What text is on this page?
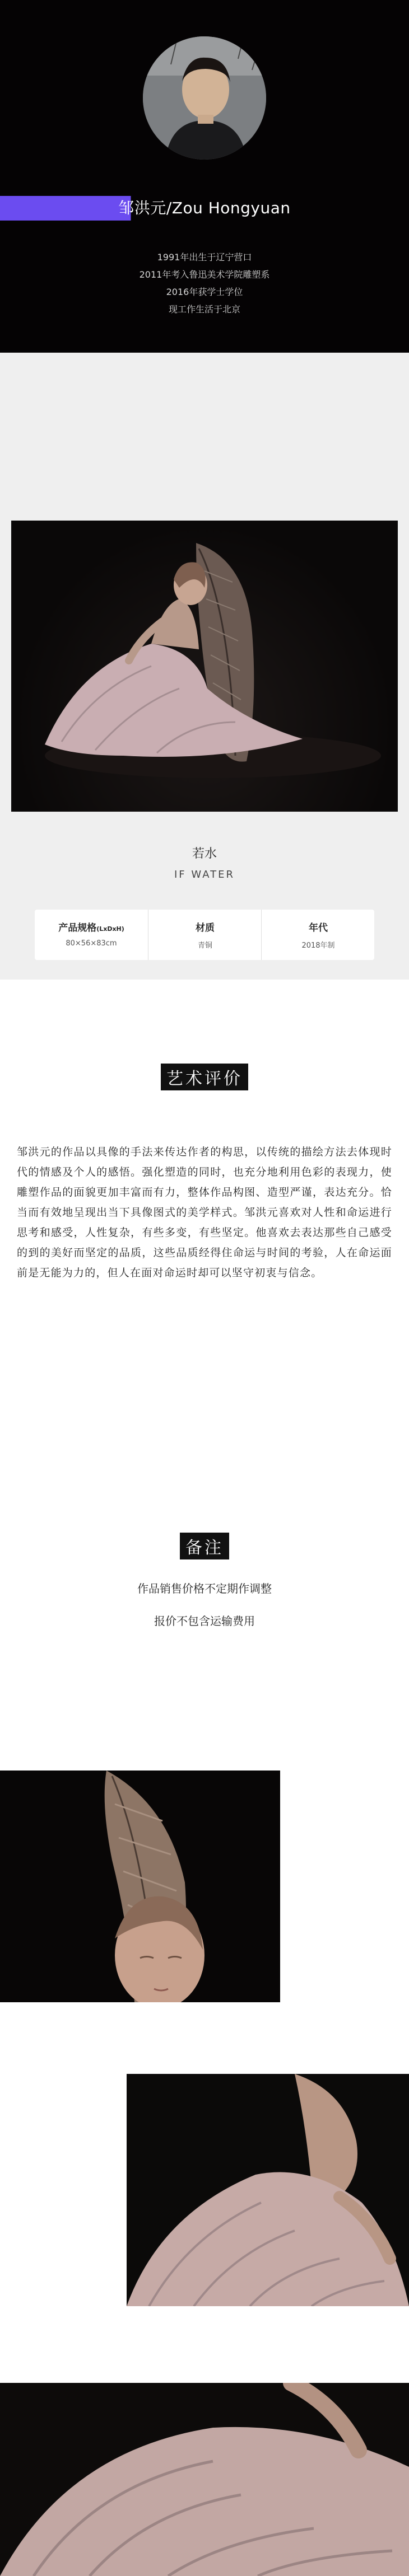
邹洪元/Zou Hongyuan
1991年出生于辽宁营口
2011年考入鲁迅美术学院雕塑系
2016年获学士学位
现工作生活于北京
若水
IF WATER
产品规格(LxDxH)
80×56×83cm
材质
青铜
年代
2018年制
艺术评价

邹洪元的作品以具像的手法来传达作者的构思，以传统的描绘方法去体现时代的情感及个人的感悟。强化塑造的同时，也充分地利用色彩的表现力，使雕塑作品的面貌更加丰富而有力，整体作品构图、造型严谨，表达充分。恰当而有效地呈现出当下具像图式的美学样式。邹洪元喜欢对人性和命运进行思考和感受，人性复杂，有些多变，有些坚定。他喜欢去表达那些自己感受的到的美好而坚定的品质，这些品质经得住命运与时间的考验，人在命运面前是无能为力的，但人在面对命运时却可以坚守初衷与信念。

备注
作品销售价格不定期作调整
报价不包含运输费用
